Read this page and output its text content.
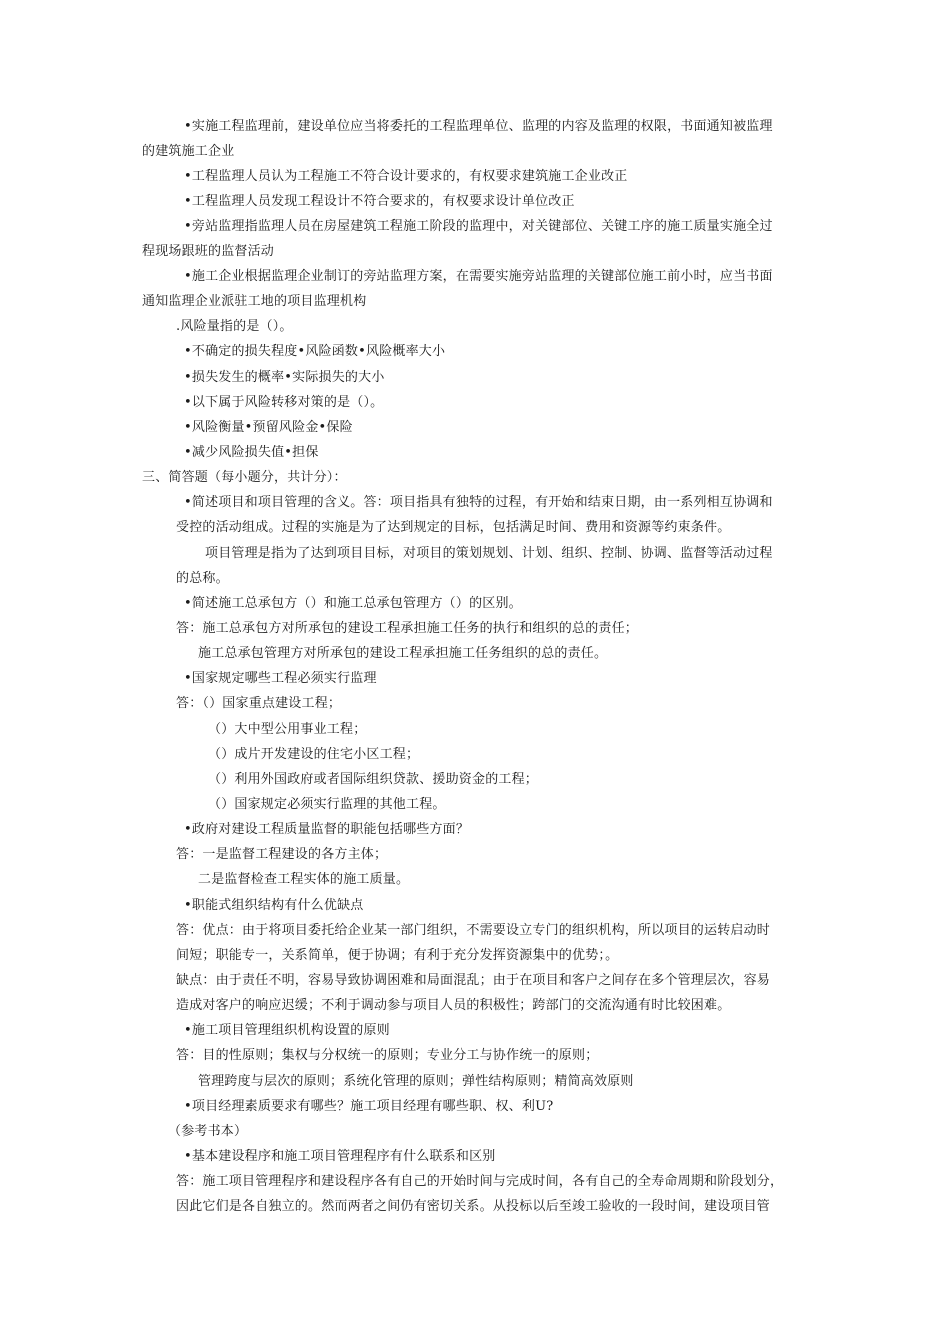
•实施工程监理前，建设单位应当将委托的工程监理单位、监理的内容及监理的权限，书面通知被监理
的建筑施工企业
•工程监理人员认为工程施工不符合设计要求的，有权要求建筑施工企业改正
•工程监理人员发现工程设计不符合要求的，有权要求设计单位改正
•旁站监理指监理人员在房屋建筑工程施工阶段的监理中，对关键部位、关键工序的施工质量实施全过
程现场跟班的监督活动
•施工企业根据监理企业制订的旁站监理方案，在需要实施旁站监理的关键部位施工前小时，应当书面
通知监理企业派驻工地的项目监理机构
.风险量指的是（）。
•不确定的损失程度•风险函数•风险概率大小
•损失发生的概率•实际损失的大小
•以下属于风险转移对策的是（）。
•风险衡量•预留风险金•保险
•减少风险损失值•担保
三、简答题（每小题分，共计分）：
•简述项目和项目管理的含义。答：项目指具有独特的过程，有开始和结束日期，由一系列相互协调和
受控的活动组成。过程的实施是为了达到规定的目标，包括满足时间、费用和资源等约束条件。
项目管理是指为了达到项目目标，对项目的策划规划、计划、组织、控制、协调、监督等活动过程
的总称。
•简述施工总承包方（）和施工总承包管理方（）的区别。
答：施工总承包方对所承包的建设工程承担施工任务的执行和组织的总的责任；
施工总承包管理方对所承包的建设工程承担施工任务组织的总的责任。
•国家规定哪些工程必须实行监理
答：（）国家重点建设工程；
（）大中型公用事业工程；
（）成片开发建设的住宅小区工程；
（）利用外国政府或者国际组织贷款、援助资金的工程；
（）国家规定必须实行监理的其他工程。
•政府对建设工程质量监督的职能包括哪些方面？
答：一是监督工程建设的各方主体；
二是监督检查工程实体的施工质量。
•职能式组织结构有什么优缺点
答：优点：由于将项目委托给企业某一部门组织，不需要设立专门的组织机构，所以项目的运转启动时
间短；职能专一，关系简单，便于协调；有利于充分发挥资源集中的优势；。
缺点：由于责任不明，容易导致协调困难和局面混乱；由于在项目和客户之间存在多个管理层次，容易
造成对客户的响应迟缓；不利于调动参与项目人员的积极性；跨部门的交流沟通有时比较困难。
•施工项目管理组织机构设置的原则
答：目的性原则；集权与分权统一的原则；专业分工与协作统一的原则；
管理跨度与层次的原则；系统化管理的原则；弹性结构原则；精简高效原则
•项目经理素质要求有哪些？施工项目经理有哪些职、权、利U?
（参考书本）
•基本建设程序和施工项目管理程序有什么联系和区别
答：施工项目管理程序和建设程序各有自己的开始时间与完成时间，各有自己的全寿命周期和阶段划分，
因此它们是各自独立的。然而两者之间仍有密切关系。从投标以后至竣工验收的一段时间，建设项目管
